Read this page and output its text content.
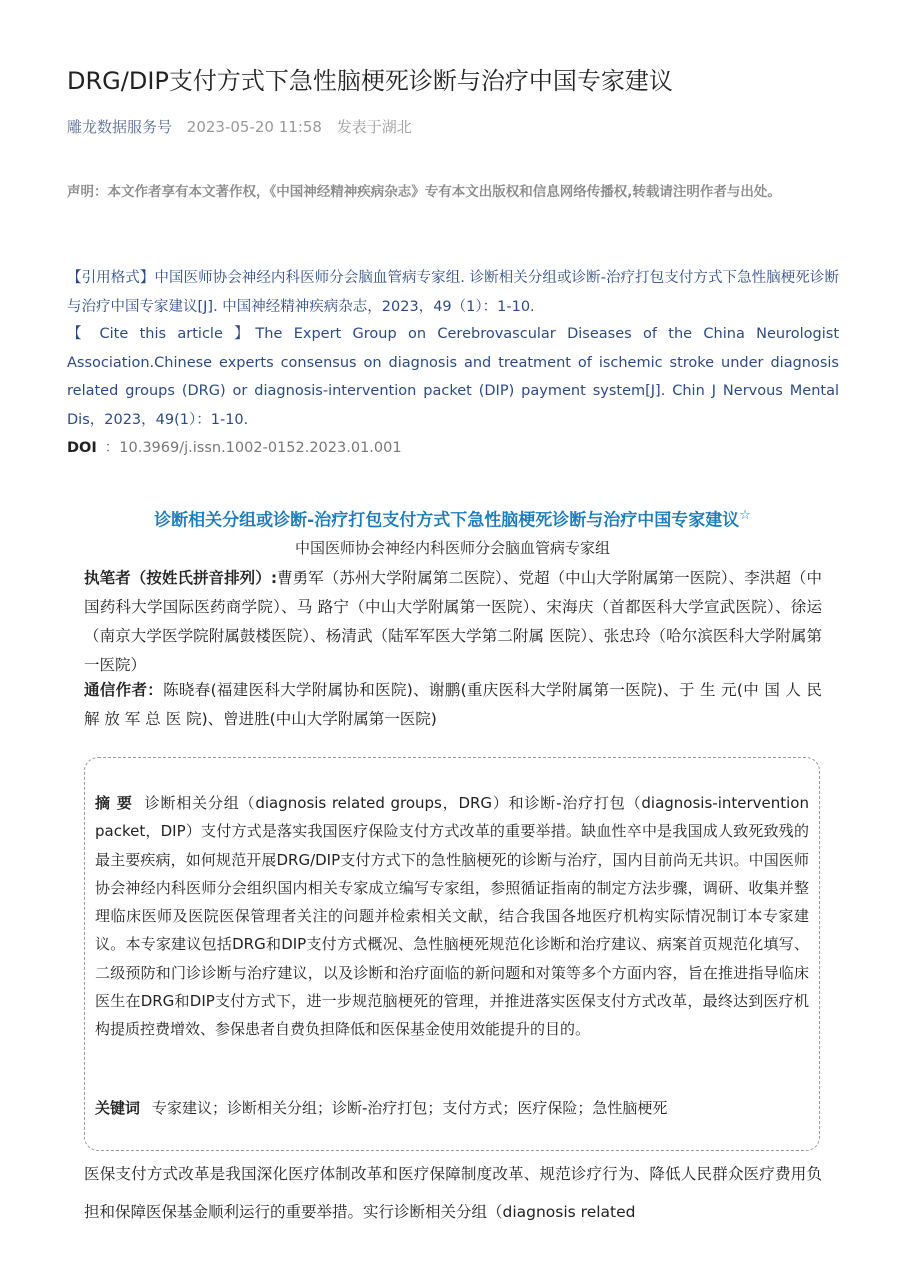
DRG/DIP支付方式下急性脑梗死诊断与治疗中国专家建议
雕龙数据服务号 2023-05-20 11:58 发表于湖北
声明：本文作者享有本文著作权，《中国神经精神疾病杂志》专有本文出版权和信息网络传播权,转载请注明作者与出处。
【引用格式】中国医师协会神经内科医师分会脑血管病专家组. 诊断相关分组或诊断-治疗打包支付方式下急性脑梗死诊断与治疗中国专家建议[J]. 中国神经精神疾病杂志，2023，49（1）：1-10.
【 Cite this article 】The Expert Group on Cerebrovascular Diseases of the China Neurologist Association.Chinese experts consensus on diagnosis and treatment of ischemic stroke under diagnosis related groups (DRG) or diagnosis-intervention packet (DIP) payment system[J]. Chin J Nervous Mental Dis，2023，49(1）：1-10.
DOI ：10.3969/j.issn.1002-0152.2023.01.001
诊断相关分组或诊断-治疗打包支付方式下急性脑梗死诊断与治疗中国专家建议☆
中国医师协会神经内科医师分会脑血管病专家组
执笔者（按姓氏拼音排列）:曹勇军（苏州大学附属第二医院）、党超（中山大学附属第一医院）、李洪超（中国药科大学国际医药商学院）、马 路宁（中山大学附属第一医院）、宋海庆（首都医科大学宣武医院）、徐运（南京大学医学院附属鼓楼医院）、杨清武（陆军军医大学第二附属 医院）、张忠玲（哈尔滨医科大学附属第一医院）
通信作者：陈晓春(福建医科大学附属协和医院)、谢鹏(重庆医科大学附属第一医院)、于 生 元(中 国 人 民 解 放 军 总 医 院)、曾进胜(中山大学附属第一医院)
摘 要 诊断相关分组（diagnosis related groups，DRG）和诊断-治疗打包（diagnosis-intervention packet，DIP）支付方式是落实我国医疗保险支付方式改革的重要举措。缺血性卒中是我国成人致死致残的最主要疾病，如何规范开展DRG/DIP支付方式下的急性脑梗死的诊断与治疗，国内目前尚无共识。中国医师协会神经内科医师分会组织国内相关专家成立编写专家组，参照循证指南的制定方法步骤，调研、收集并整理临床医师及医院医保管理者关注的问题并检索相关文献，结合我国各地医疗机构实际情况制订本专家建议。本专家建议包括DRG和DIP支付方式概况、急性脑梗死规范化诊断和治疗建议、病案首页规范化填写、二级预防和门诊诊断与治疗建议，以及诊断和治疗面临的新问题和对策等多个方面内容，旨在推进指导临床医生在DRG和DIP支付方式下，进一步规范脑梗死的管理，并推进落实医保支付方式改革，最终达到医疗机构提质控费增效、参保患者自费负担降低和医保基金使用效能提升的目的。
关键词 专家建议；诊断相关分组；诊断-治疗打包；支付方式；医疗保险；急性脑梗死
医保支付方式改革是我国深化医疗体制改革和医疗保障制度改革、规范诊疗行为、降低人民群众医疗费用负担和保障医保基金顺利运行的重要举措。实行诊断相关分组（diagnosis related
